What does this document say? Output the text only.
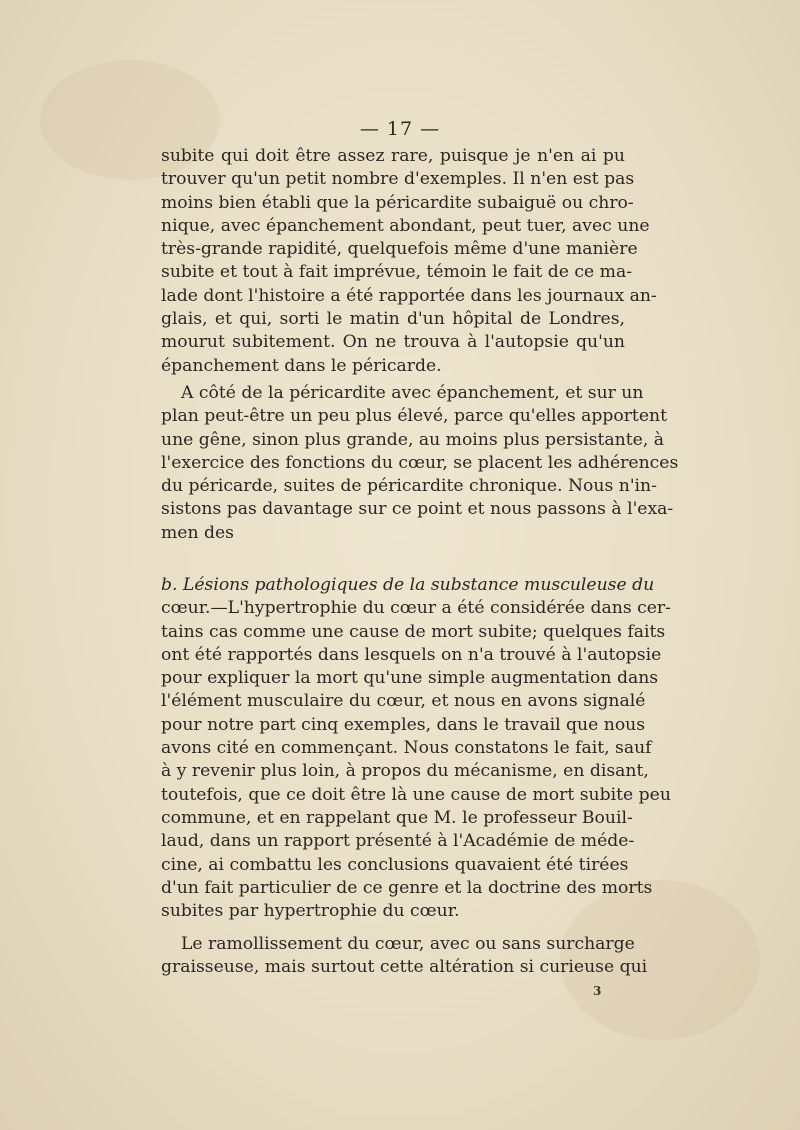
— 17 —
subite qui doit être assez rare, puisque je n'en ai pu
trouver qu'un petit nombre d'exemples. Il n'en est pas
moins bien établi que la péricardite subaiguë ou chro-
nique, avec épanchement abondant, peut tuer, avec une
très-grande rapidité, quelquefois même d'une manière
subite et tout à fait imprévue, témoin le fait de ce ma-
lade dont l'histoire a été rapportée dans les journaux an-
glais, et qui, sorti le matin d'un hôpital de Londres,
mourut subitement. On ne trouva à l'autopsie qu'un
épanchement dans le péricarde.
A côté de la péricardite avec épanchement, et sur un
plan peut-être un peu plus élevé, parce qu'elles apportent
une gêne, sinon plus grande, au moins plus persistante, à
l'exercice des fonctions du cœur, se placent les adhérences
du péricarde, suites de péricardite chronique. Nous n'in-
sistons pas davantage sur ce point et nous passons à l'exa-
men des
b. Lésions pathologiques de la substance musculeuse du
cœur.—L'hypertrophie du cœur a été considérée dans cer-
tains cas comme une cause de mort subite; quelques faits
ont été rapportés dans lesquels on n'a trouvé à l'autopsie
pour expliquer la mort qu'une simple augmentation dans
l'élément musculaire du cœur, et nous en avons signalé
pour notre part cinq exemples, dans le travail que nous
avons cité en commençant. Nous constatons le fait, sauf
à y revenir plus loin, à propos du mécanisme, en disant,
toutefois, que ce doit être là une cause de mort subite peu
commune, et en rappelant que M. le professeur Bouil-
laud, dans un rapport présenté à l'Académie de méde-
cine, ai combattu les conclusions quavaient été tirées
d'un fait particulier de ce genre et la doctrine des morts
subites par hypertrophie du cœur.
Le ramollissement du cœur, avec ou sans surcharge
graisseuse, mais surtout cette altération si curieuse qui
3
